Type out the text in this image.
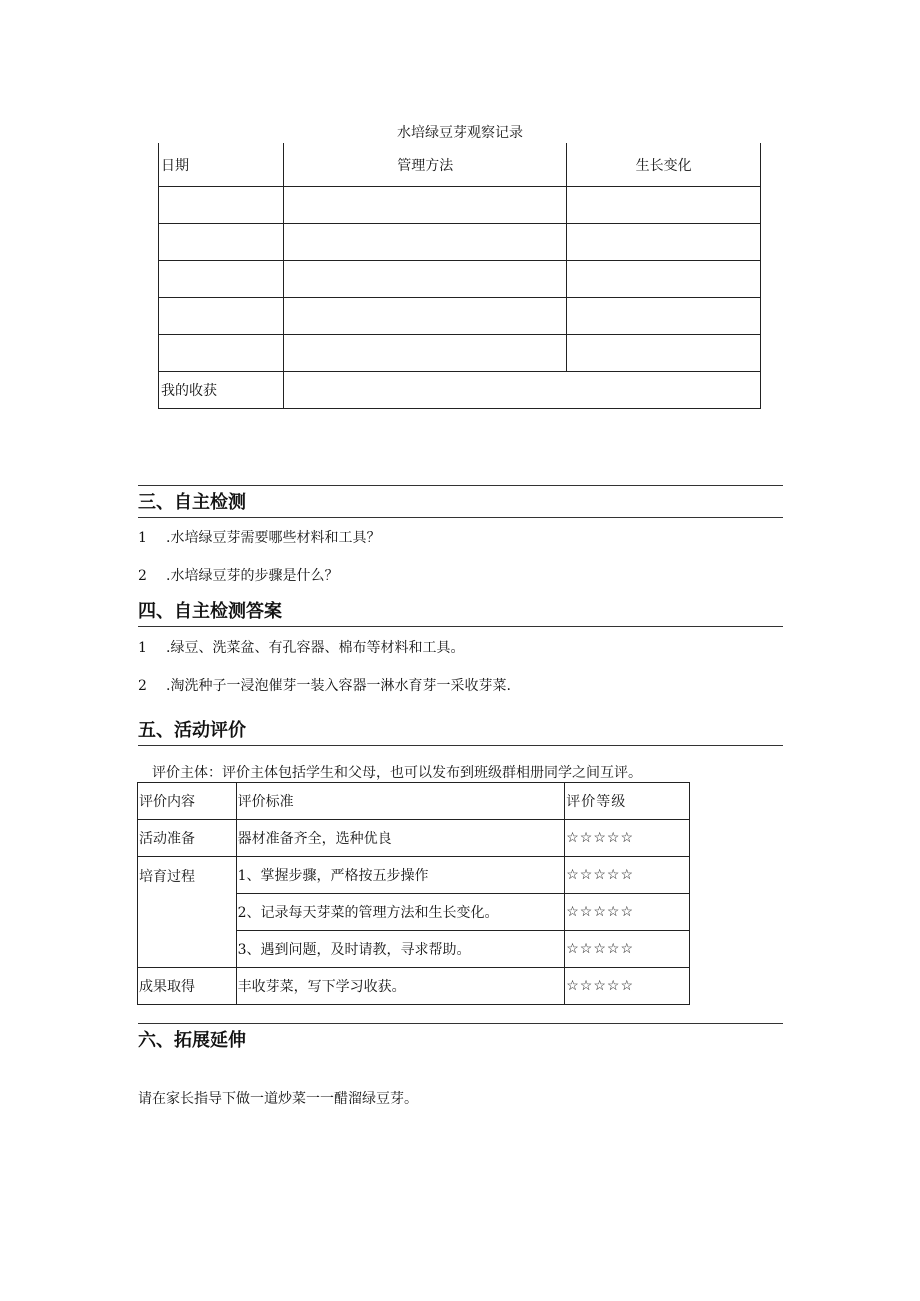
水培绿豆芽观察记录
日期	管理方法	生长变化

我的收获		
三、自主检测
1 .水培绿豆芽需要哪些材料和工具？
2 .水培绿豆芽的步骤是什么？
四、自主检测答案
1 .绿豆、洗菜盆、有孔容器、棉布等材料和工具。
2 .淘洗种子一浸泡催芽一装入容器一淋水育芽一采收芽菜.
五、活动评价
评价主体：评价主体包括学生和父母，也可以发布到班级群相册同学之间互评。
评价内容	评价标准	评价等级
活动准备	器材准备齐全，选种优良	☆☆☆☆☆
培育过程	1、掌握步骤，严格按五步操作	☆☆☆☆☆
	2、记录每天芽菜的管理方法和生长变化。	☆☆☆☆☆
	3、遇到问题，及时请教，寻求帮助。	☆☆☆☆☆
成果取得	丰收芽菜，写下学习收获。	☆☆☆☆☆
六、拓展延伸
请在家长指导下做一道炒菜一一醋溜绿豆芽。
